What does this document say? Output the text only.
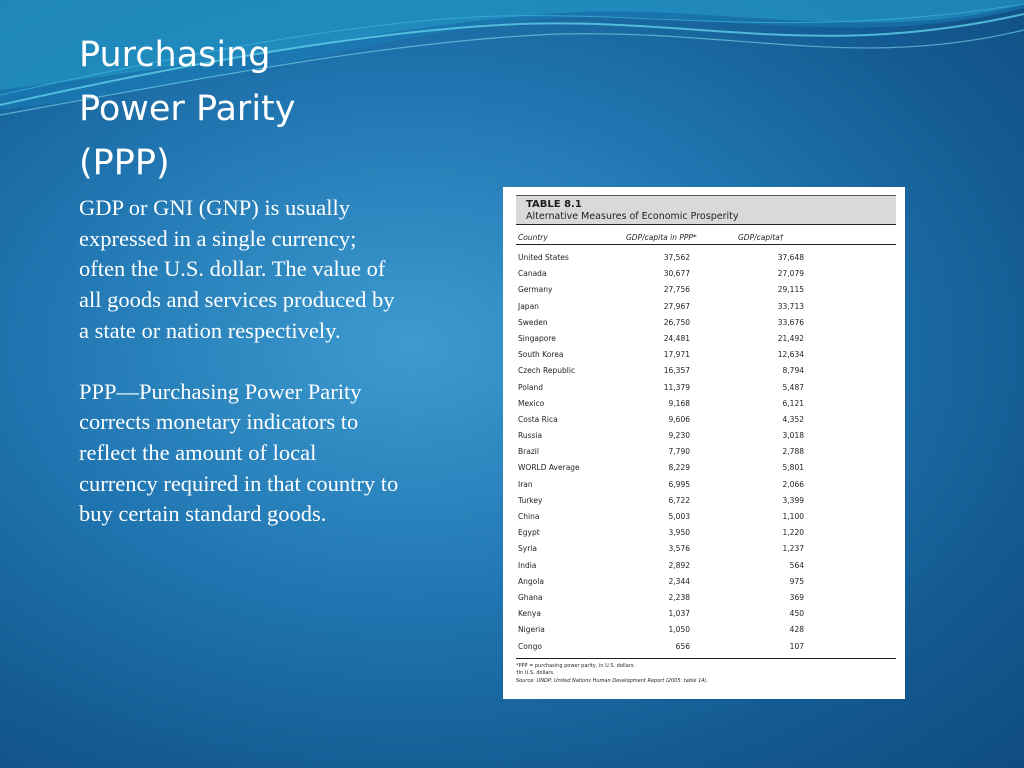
Purchasing
Power Parity
(PPP)

GDP or GNI (GNP) is usually expressed in a single currency; often the U.S. dollar. The value of all goods and services produced by a state or nation respectively.

PPP—Purchasing Power Parity corrects monetary indicators to reflect the amount of local currency required in that country to buy certain standard goods.

TABLE 8.1
Alternative Measures of Economic Prosperity
Country	GDP/capita in PPP*	GDP/capita†
United States	37,562	37,648
Canada	30,677	27,079
Germany	27,756	29,115
Japan	27,967	33,713
Sweden	26,750	33,676
Singapore	24,481	21,492
South Korea	17,971	12,634
Czech Republic	16,357	8,794
Poland	11,379	5,487
Mexico	9,168	6,121
Costa Rica	9,606	4,352
Russia	9,230	3,018
Brazil	7,790	2,788
WORLD Average	8,229	5,801
Iran	6,995	2,066
Turkey	6,722	3,399
China	5,003	1,100
Egypt	3,950	1,220
Syria	3,576	1,237
India	2,892	564
Angola	2,344	975
Ghana	2,238	369
Kenya	1,037	450
Nigeria	1,050	428
Congo	656	107
*PPP = purchasing power parity, in U.S. dollars.
†In U.S. dollars.
Source: UNDP: United Nations Human Development Report (2005: table 14).
